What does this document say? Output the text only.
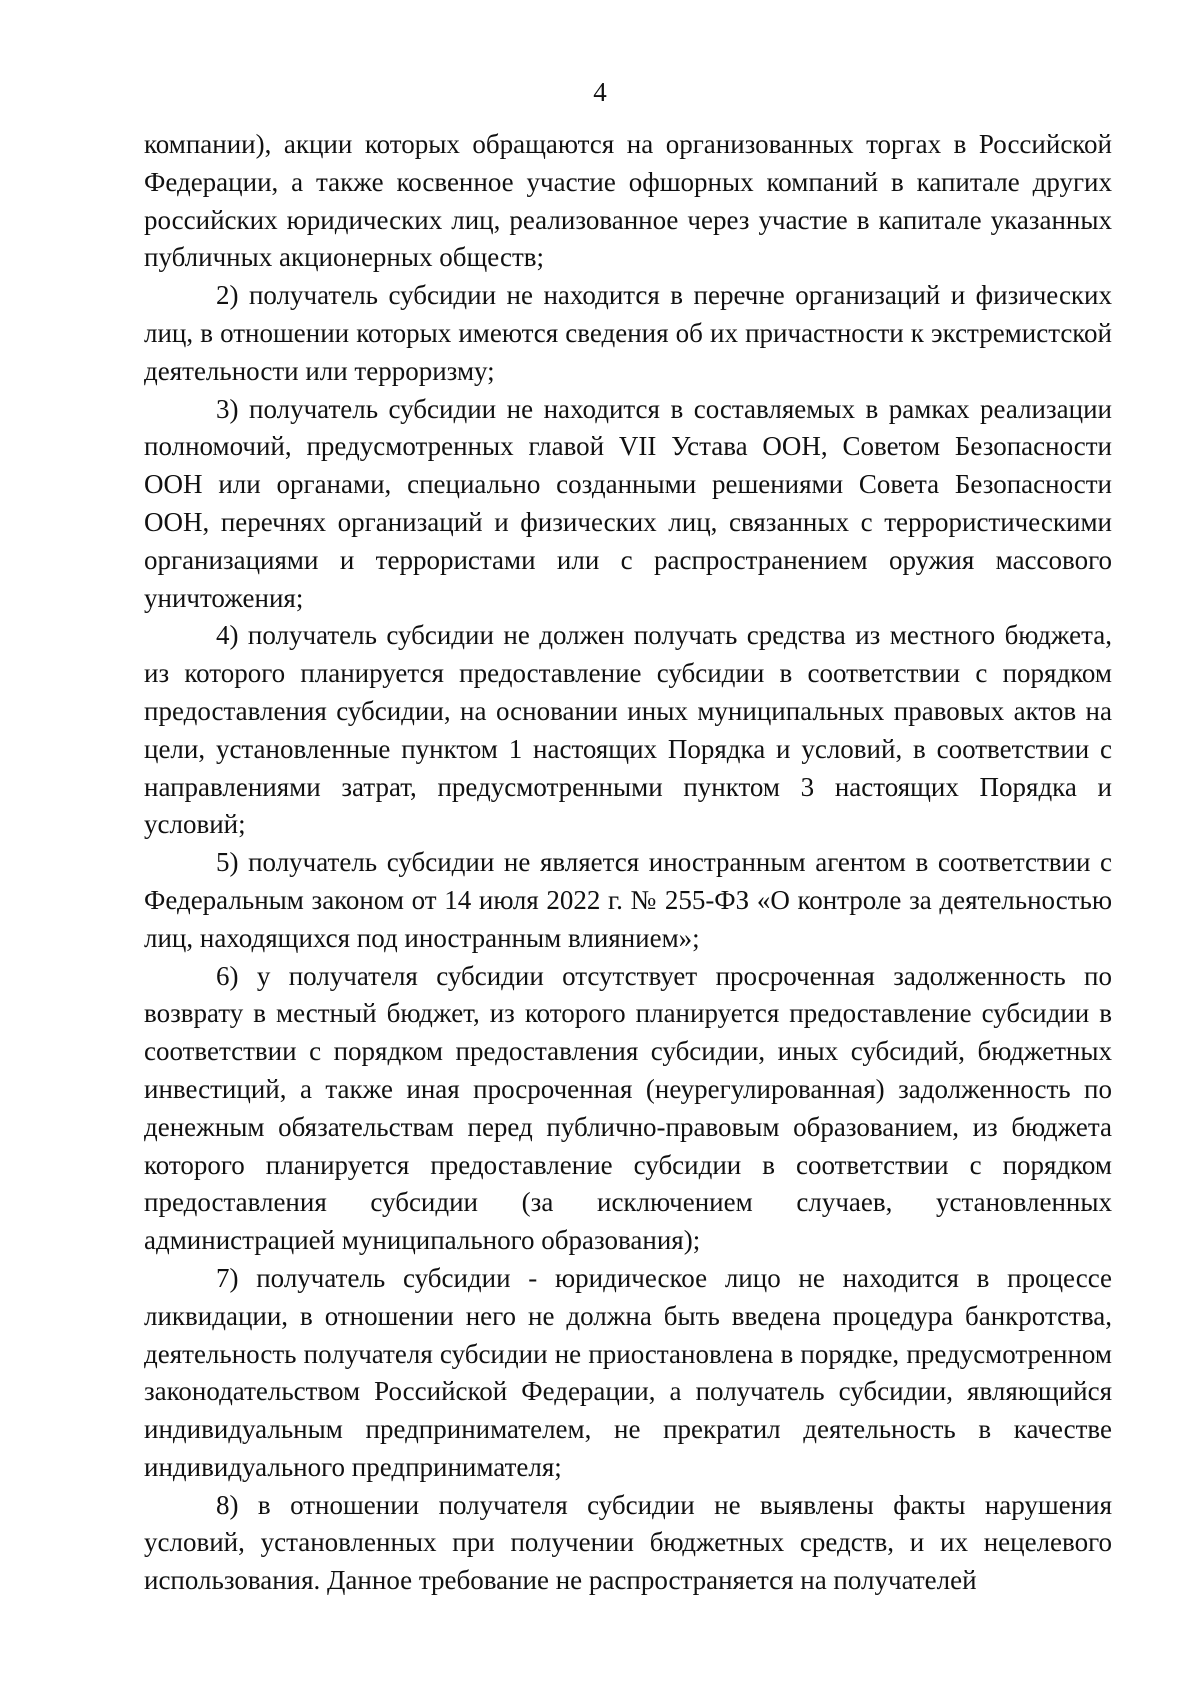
4

компании), акции которых обращаются на организованных торгах в Российской Федерации, а также косвенное участие офшорных компаний в капитале других российских юридических лиц, реализованное через участие в капитале указанных публичных акционерных обществ;

2) получатель субсидии не находится в перечне организаций и физических лиц, в отношении которых имеются сведения об их причастности к экстремистской деятельности или терроризму;

3) получатель субсидии не находится в составляемых в рамках реализации полномочий, предусмотренных главой VII Устава ООН, Советом Безопасности ООН или органами, специально созданными решениями Совета Безопасности ООН, перечнях организаций и физических лиц, связанных с террористическими организациями и террористами или с распространением оружия массового уничтожения;

4) получатель субсидии не должен получать средства из местного бюджета, из которого планируется предоставление субсидии в соответствии с порядком предоставления субсидии, на основании иных муниципальных правовых актов на цели, установленные пунктом 1 настоящих Порядка и условий, в соответствии с направлениями затрат, предусмотренными пунктом 3 настоящих Порядка и условий;

5) получатель субсидии не является иностранным агентом в соответствии с Федеральным законом от 14 июля 2022 г. № 255-ФЗ «О контроле за деятельностью лиц, находящихся под иностранным влиянием»;

6) у получателя субсидии отсутствует просроченная задолженность по возврату в местный бюджет, из которого планируется предоставление субсидии в соответствии с порядком предоставления субсидии, иных субсидий, бюджетных инвестиций, а также иная просроченная (неурегулированная) задолженность по денежным обязательствам перед публично-правовым образованием, из бюджета которого планируется предоставление субсидии в соответствии с порядком предоставления субсидии (за исключением случаев, установленных администрацией муниципального образования);

7) получатель субсидии - юридическое лицо не находится в процессе ликвидации, в отношении него не должна быть введена процедура банкротства, деятельность получателя субсидии не приостановлена в порядке, предусмотренном законодательством Российской Федерации, а получатель субсидии, являющийся индивидуальным предпринимателем, не прекратил деятельность в качестве индивидуального предпринимателя;

8) в отношении получателя субсидии не выявлены факты нарушения условий, установленных при получении бюджетных средств, и их нецелевого использования. Данное требование не распространяется на получателей
